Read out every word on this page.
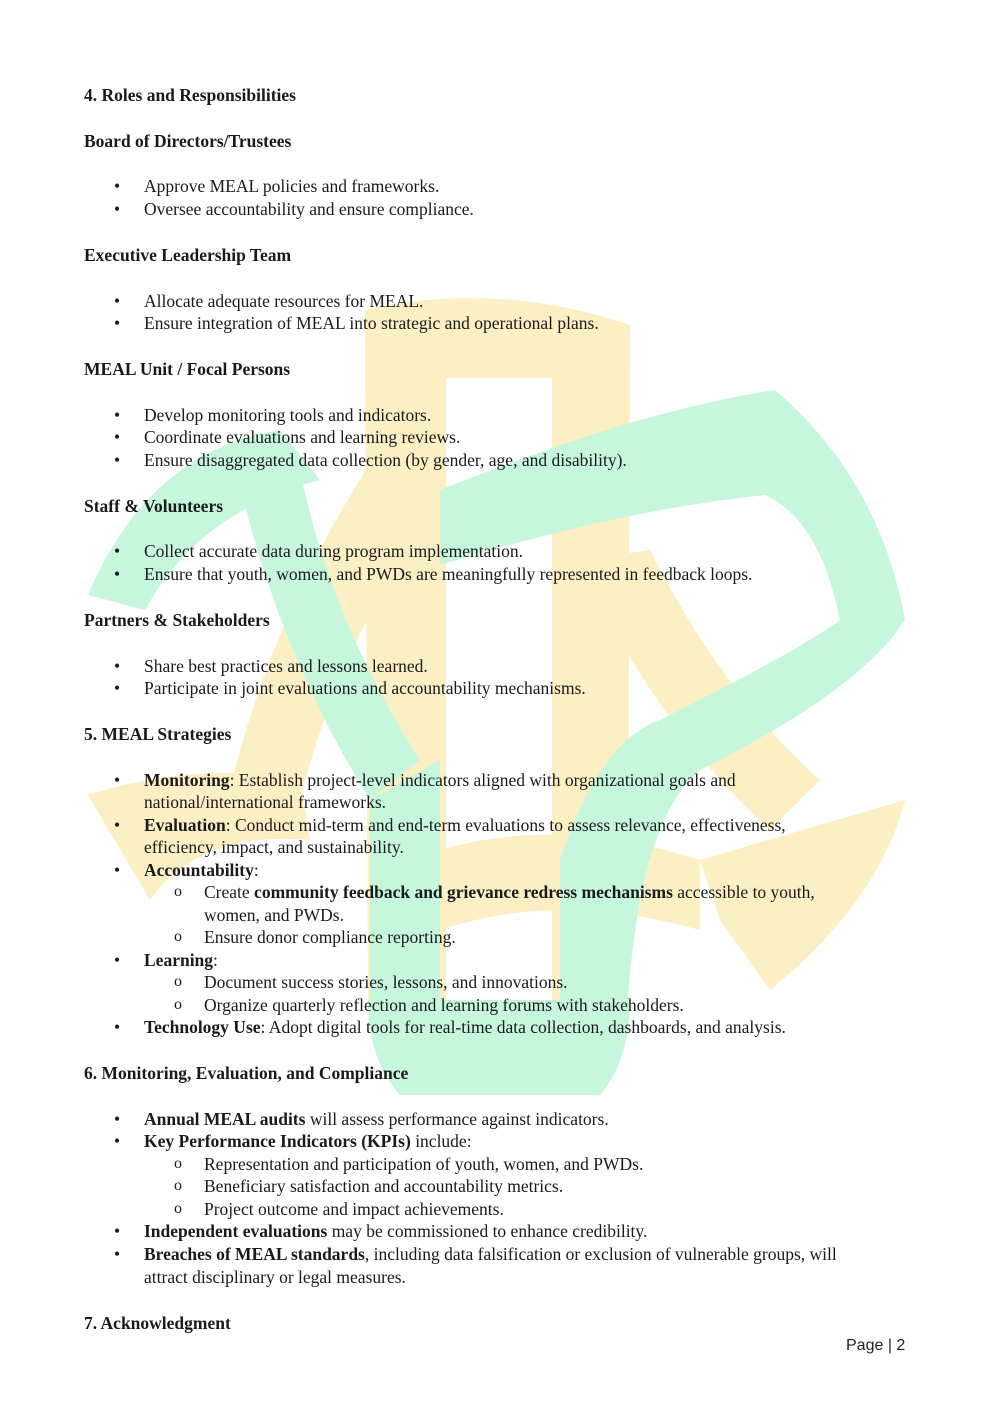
4. Roles and Responsibilities
Board of Directors/Trustees
• Approve MEAL policies and frameworks.
• Oversee accountability and ensure compliance.
Executive Leadership Team
• Allocate adequate resources for MEAL.
• Ensure integration of MEAL into strategic and operational plans.
MEAL Unit / Focal Persons
• Develop monitoring tools and indicators.
• Coordinate evaluations and learning reviews.
• Ensure disaggregated data collection (by gender, age, and disability).
Staff & Volunteers
• Collect accurate data during program implementation.
• Ensure that youth, women, and PWDs are meaningfully represented in feedback loops.
Partners & Stakeholders
• Share best practices and lessons learned.
• Participate in joint evaluations and accountability mechanisms.
5. MEAL Strategies
• Monitoring: Establish project-level indicators aligned with organizational goals and
national/international frameworks.
• Evaluation: Conduct mid-term and end-term evaluations to assess relevance, effectiveness,
efficiency, impact, and sustainability.
• Accountability:
o Create community feedback and grievance redress mechanisms accessible to youth,
women, and PWDs.
o Ensure donor compliance reporting.
• Learning:
o Document success stories, lessons, and innovations.
o Organize quarterly reflection and learning forums with stakeholders.
• Technology Use: Adopt digital tools for real-time data collection, dashboards, and analysis.
6. Monitoring, Evaluation, and Compliance
• Annual MEAL audits will assess performance against indicators.
• Key Performance Indicators (KPIs) include:
o Representation and participation of youth, women, and PWDs.
o Beneficiary satisfaction and accountability metrics.
o Project outcome and impact achievements.
• Independent evaluations may be commissioned to enhance credibility.
• Breaches of MEAL standards, including data falsification or exclusion of vulnerable groups, will
attract disciplinary or legal measures.
7. Acknowledgment
Page | 2
